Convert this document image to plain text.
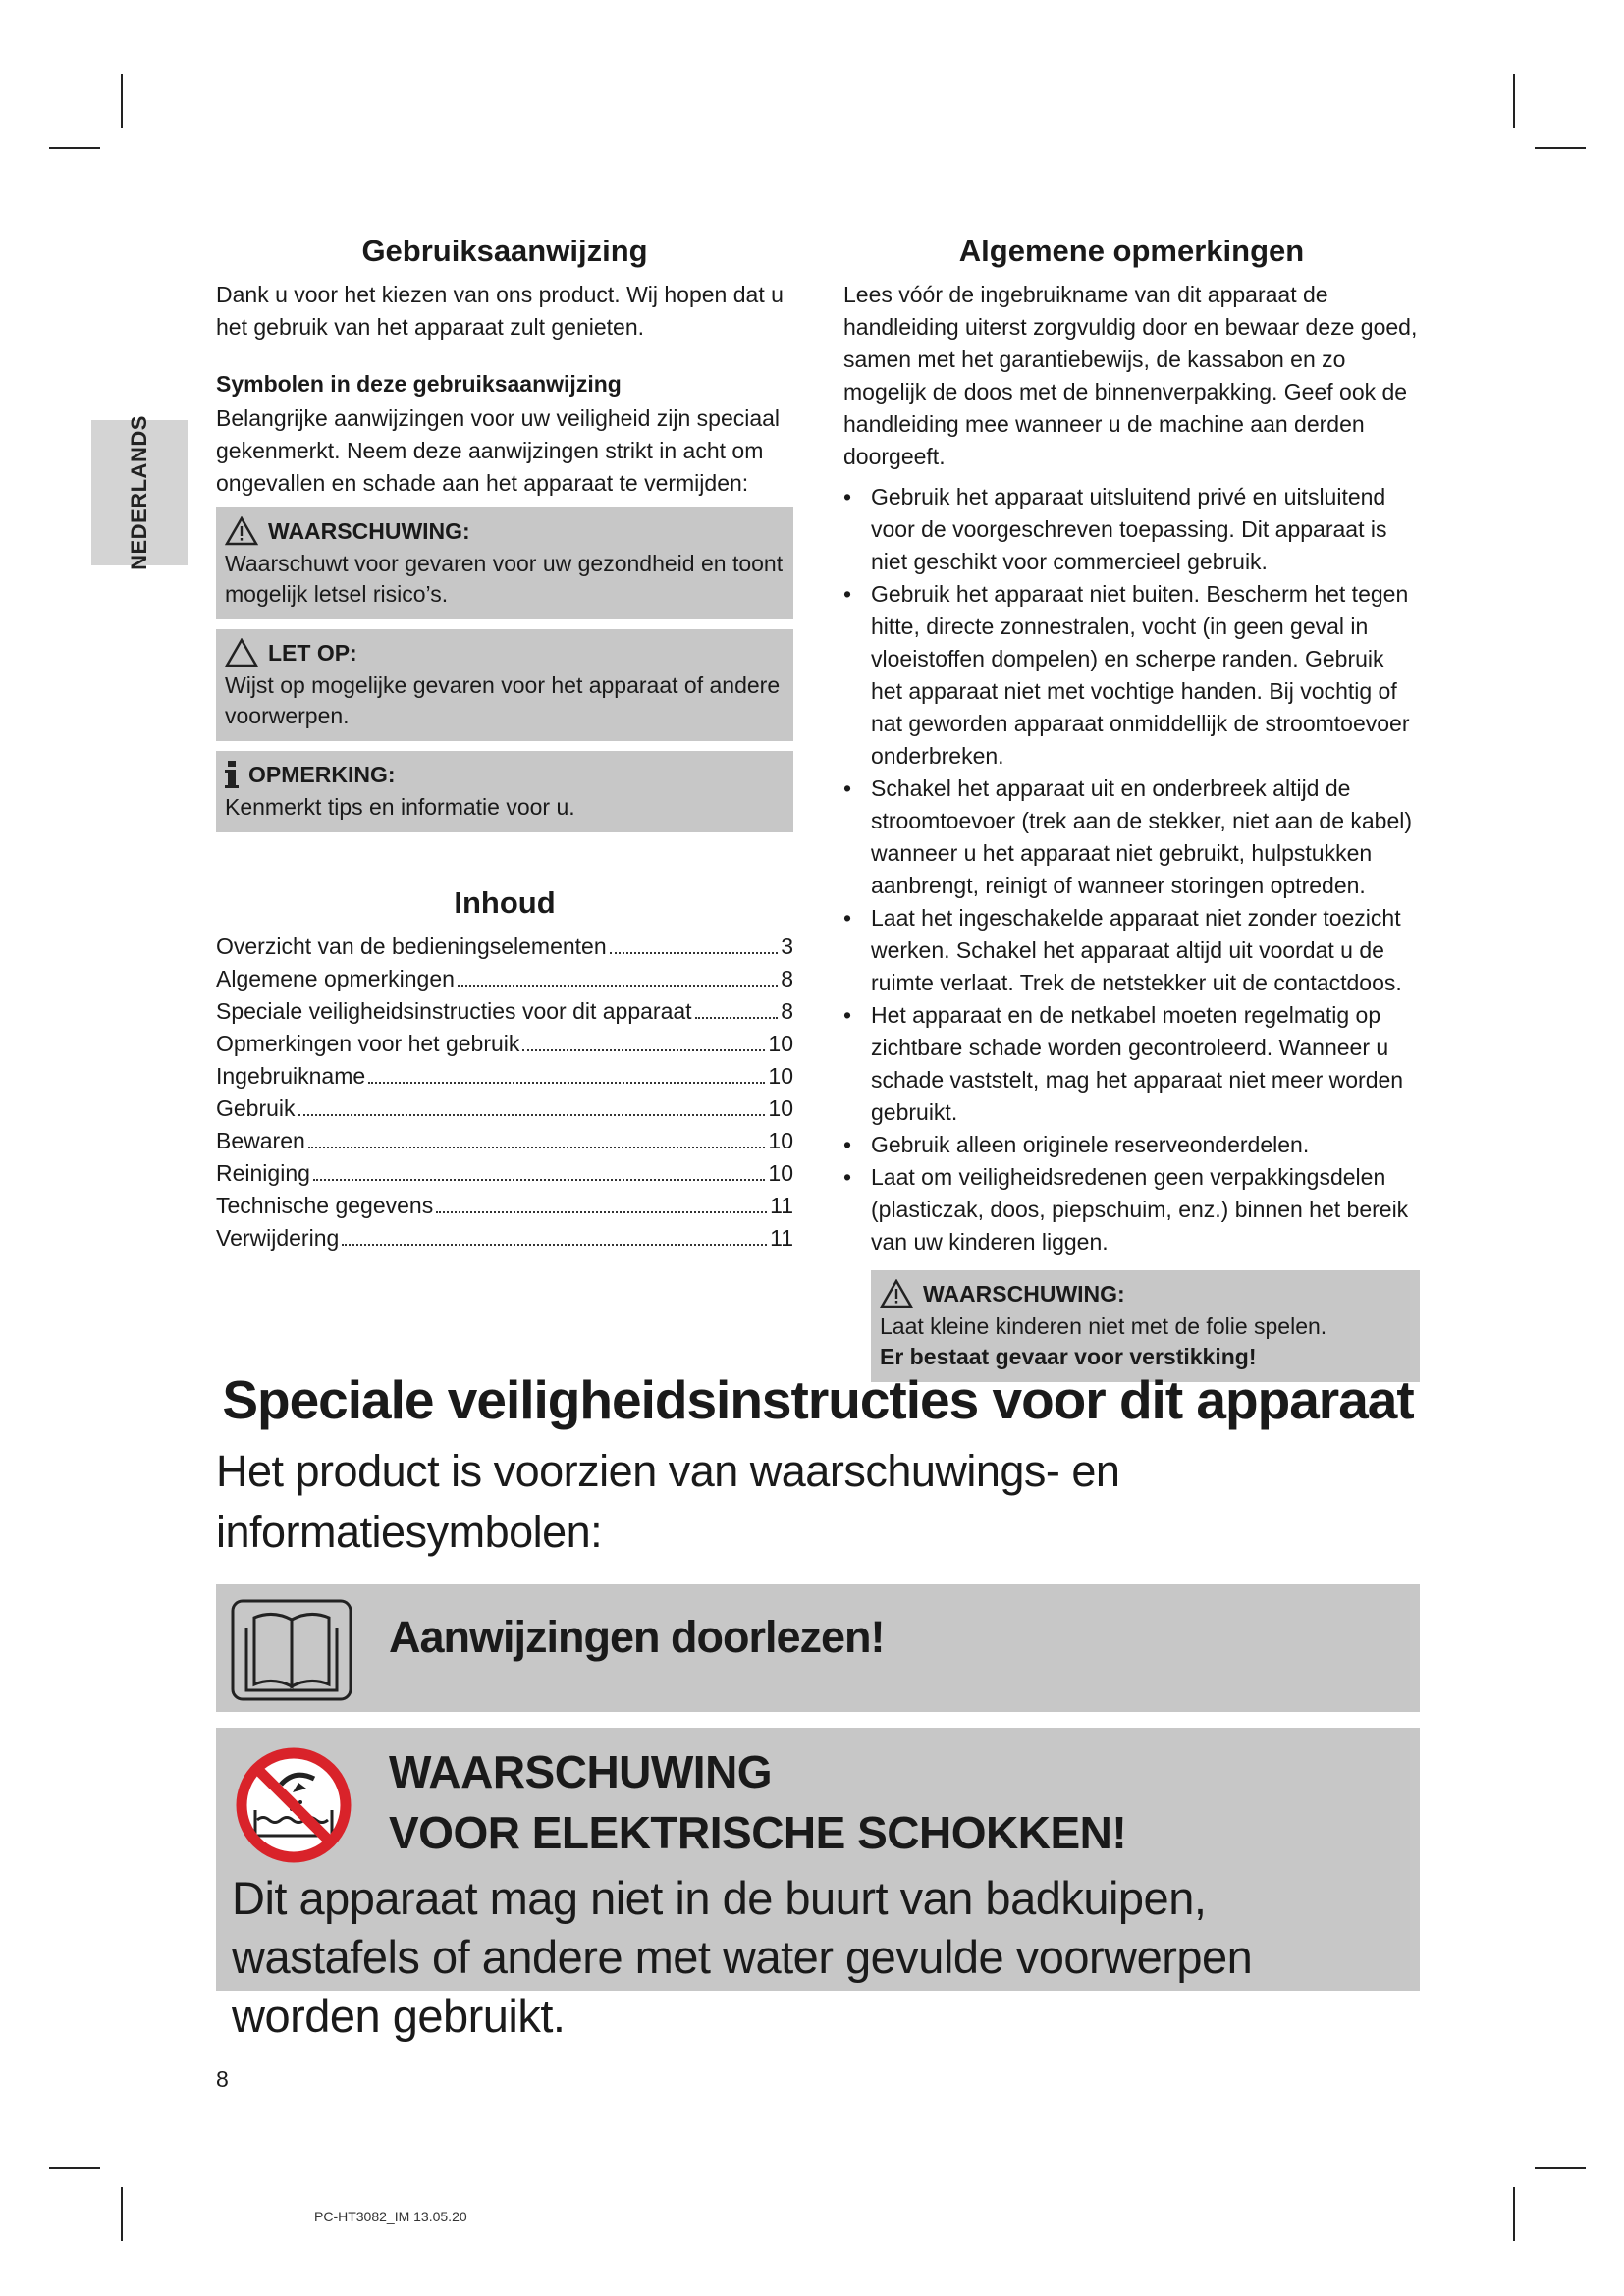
NEDERLANDS
Gebruiksaanwijzing

Dank u voor het kiezen van ons product. Wij hopen dat u het gebruik van het apparaat zult genieten.

Symbolen in deze gebruiksaanwijzing

Belangrijke aanwijzingen voor uw veiligheid zijn speciaal gekenmerkt. Neem deze aanwijzingen strikt in acht om ongevallen en schade aan het apparaat te vermijden:

WAARSCHUWING:

Waarschuwt voor gevaren voor uw gezondheid en toont mogelijk letsel risico’s.

LET OP:

Wijst op mogelijke gevaren voor het apparaat of andere voorwerpen.

OPMERKING:

Kenmerkt tips en informatie voor u.

Inhoud
Overzicht van de bedieningselementen	3
Algemene opmerkingen	8
Speciale veiligheidsinstructies voor dit apparaat	8
Opmerkingen voor het gebruik	10
Ingebruikname	10
Gebruik	10
Bewaren	10
Reiniging	10
Technische gegevens	11
Verwijdering	11
Algemene opmerkingen

Lees vóór de ingebruikname van dit apparaat de handleiding uiterst zorgvuldig door en bewaar deze goed, samen met het garantiebewijs, de kassabon en zo mogelijk de doos met de binnenverpakking. Geef ook de handleiding mee wanneer u de machine aan derden doorgeeft.

• Gebruik het apparaat uitsluitend privé en uitsluitend voor de voorgeschreven toepassing. Dit apparaat is niet geschikt voor commercieel gebruik.
• Gebruik het apparaat niet buiten. Bescherm het tegen hitte, directe zonnestralen, vocht (in geen geval in vloeistoffen dompelen) en scherpe randen. Gebruik het apparaat niet met vochtige handen. Bij vochtig of nat geworden apparaat onmiddellijk de stroomtoevoer onderbreken.
• Schakel het apparaat uit en onderbreek altijd de stroomtoevoer (trek aan de stekker, niet aan de kabel) wanneer u het apparaat niet gebruikt, hulpstukken aanbrengt, reinigt of wanneer storingen optreden.
• Laat het ingeschakelde apparaat niet zonder toezicht werken. Schakel het apparaat altijd uit voordat u de ruimte verlaat. Trek de netstekker uit de contactdoos.
• Het apparaat en de netkabel moeten regelmatig op zichtbare schade worden gecontroleerd. Wanneer u schade vaststelt, mag het apparaat niet meer worden gebruikt.
• Gebruik alleen originele reserveonderdelen.
• Laat om veiligheidsredenen geen verpakkingsdelen (plasticzak, doos, piepschuim, enz.) binnen het bereik van uw kinderen liggen.
WAARSCHUWING:

Laat kleine kinderen niet met de folie spelen.

Er bestaat gevaar voor verstikking!

Speciale veiligheidsinstructies voor dit apparaat
Het product is voorzien van waarschuwings- en informatiesymbolen:
Aanwijzingen doorlezen!
WAARSCHUWING
VOOR ELEKTRISCHE SCHOKKEN!
Dit apparaat mag niet in de buurt van badkuipen, wastafels of andere met water gevulde voorwerpen worden gebruikt.
8
PC-HT3082_IM 13.05.20
